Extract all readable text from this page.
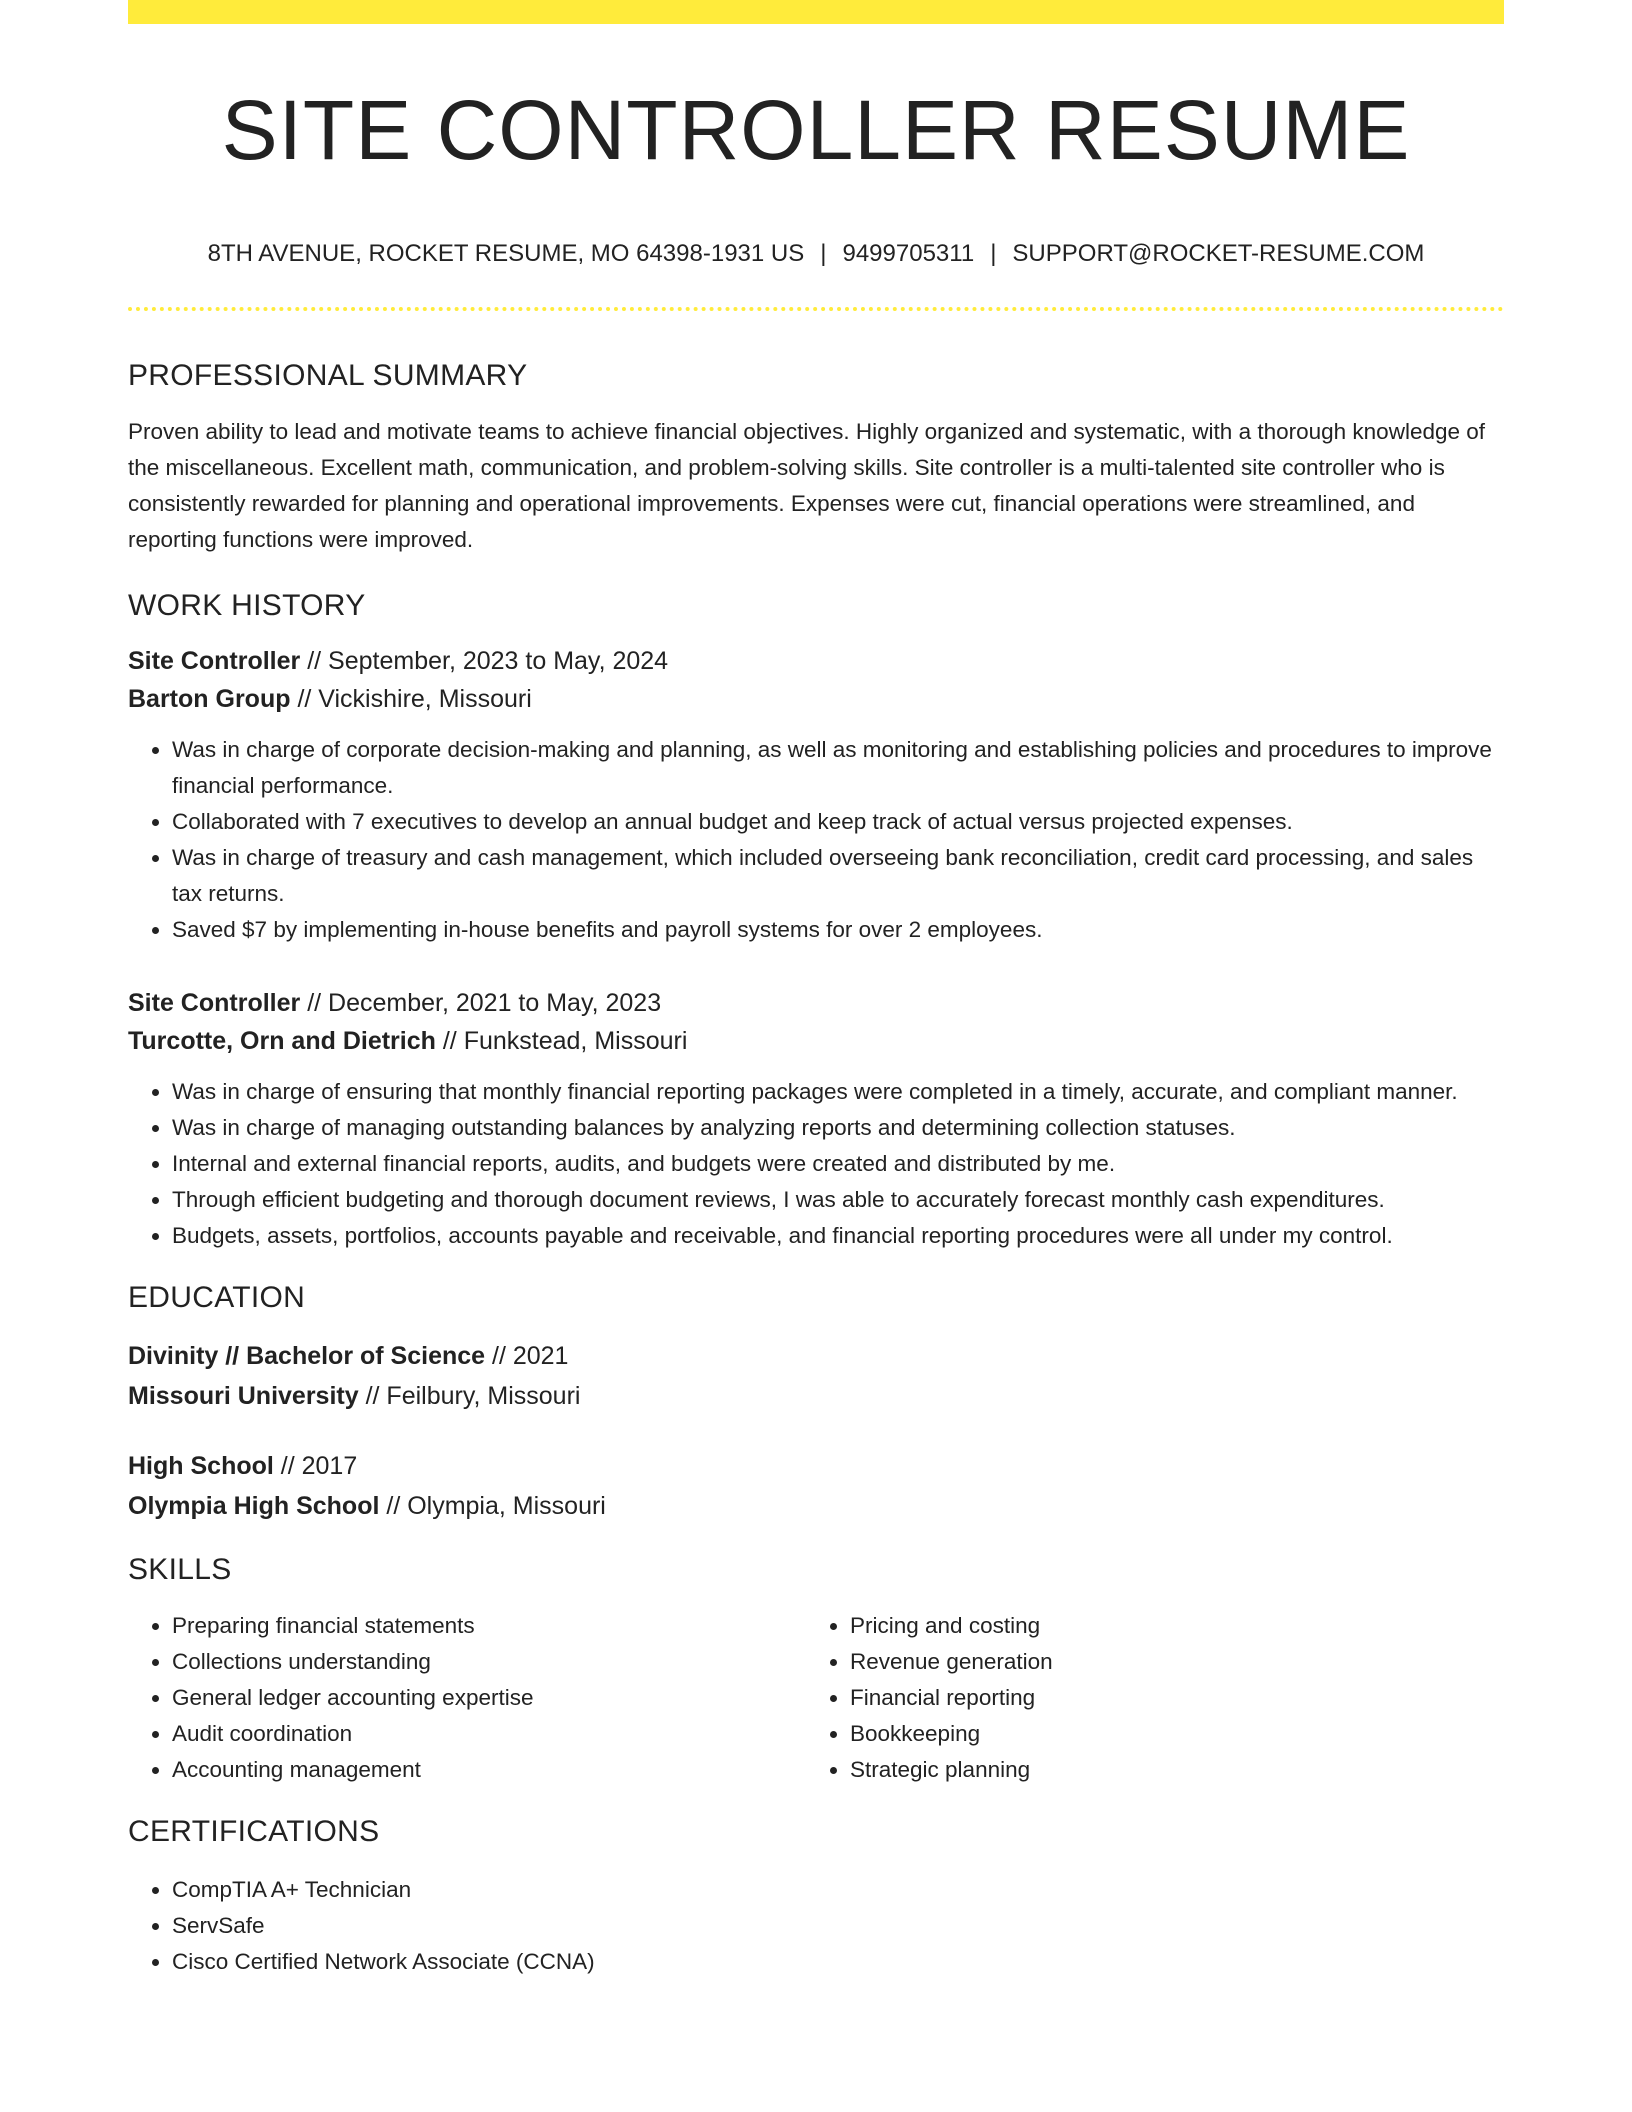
SITE CONTROLLER RESUME
8TH AVENUE, ROCKET RESUME, MO 64398-1931 US | 9499705311 | SUPPORT@ROCKET-RESUME.COM
PROFESSIONAL SUMMARY

Proven ability to lead and motivate teams to achieve financial objectives. Highly organized and systematic, with a thorough knowledge of the miscellaneous. Excellent math, communication, and problem-solving skills. Site controller is a multi-talented site controller who is consistently rewarded for planning and operational improvements. Expenses were cut, financial operations were streamlined, and reporting functions were improved.

WORK HISTORY
Site Controller // September, 2023 to May, 2024
Barton Group // Vickishire, Missouri
• Was in charge of corporate decision-making and planning, as well as monitoring and establishing policies and procedures to improve financial performance.
• Collaborated with 7 executives to develop an annual budget and keep track of actual versus projected expenses.
• Was in charge of treasury and cash management, which included overseeing bank reconciliation, credit card processing, and sales tax returns.
• Saved $7 by implementing in-house benefits and payroll systems for over 2 employees.
Site Controller // December, 2021 to May, 2023
Turcotte, Orn and Dietrich // Funkstead, Missouri
• Was in charge of ensuring that monthly financial reporting packages were completed in a timely, accurate, and compliant manner.
• Was in charge of managing outstanding balances by analyzing reports and determining collection statuses.
• Internal and external financial reports, audits, and budgets were created and distributed by me.
• Through efficient budgeting and thorough document reviews, I was able to accurately forecast monthly cash expenditures.
• Budgets, assets, portfolios, accounts payable and receivable, and financial reporting procedures were all under my control.
EDUCATION
Divinity // Bachelor of Science // 2021
Missouri University // Feilbury, Missouri
High School // 2017
Olympia High School // Olympia, Missouri
SKILLS
• Preparing financial statements
• Collections understanding
• General ledger accounting expertise
• Audit coordination
• Accounting management
• Pricing and costing
• Revenue generation
• Financial reporting
• Bookkeeping
• Strategic planning
CERTIFICATIONS
• CompTIA A+ Technician
• ServSafe
• Cisco Certified Network Associate (CCNA)
